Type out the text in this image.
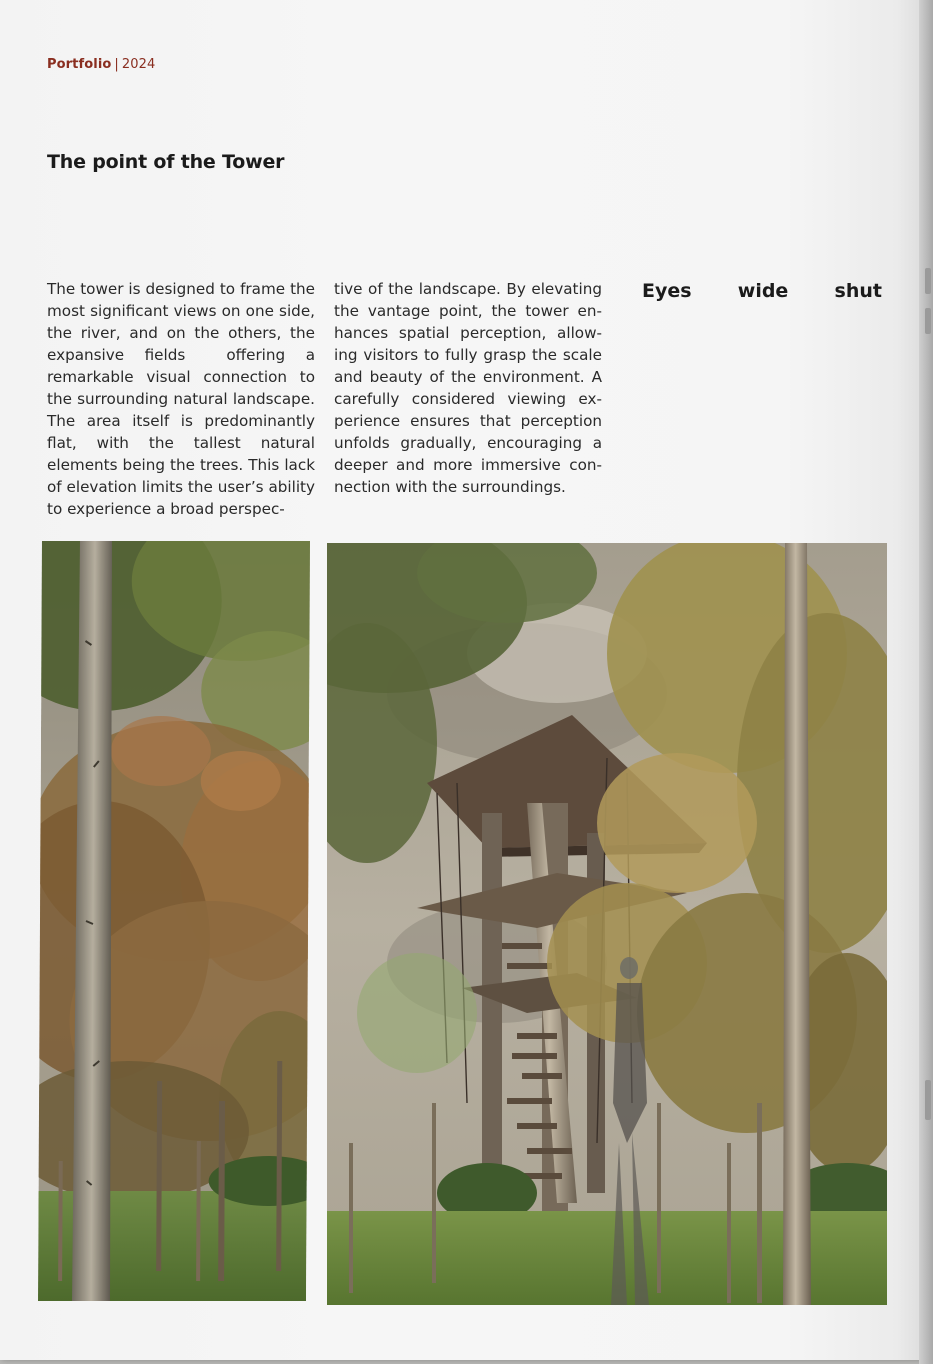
Portfolio | 2024
The point of the Tower
The tower is designed to frame the most significant views on one side, the river, and on the others, the expansive fields  offering a remarkable visual connection to the surrounding natural landscape. The area itself is predominantly flat, with the tallest natural elements being the trees. This lack of elevation limits the user’s ability to experience a broad perspec-
tive of the landscape. By elevating the vantage point, the tower enhances spatial perception, allowing visitors to fully grasp the scale and beauty of the environment. A carefully considered viewing experience ensures that perception unfolds gradually, encouraging a deeper and more immersive connection with the surroundings.
Eyes wide shut
